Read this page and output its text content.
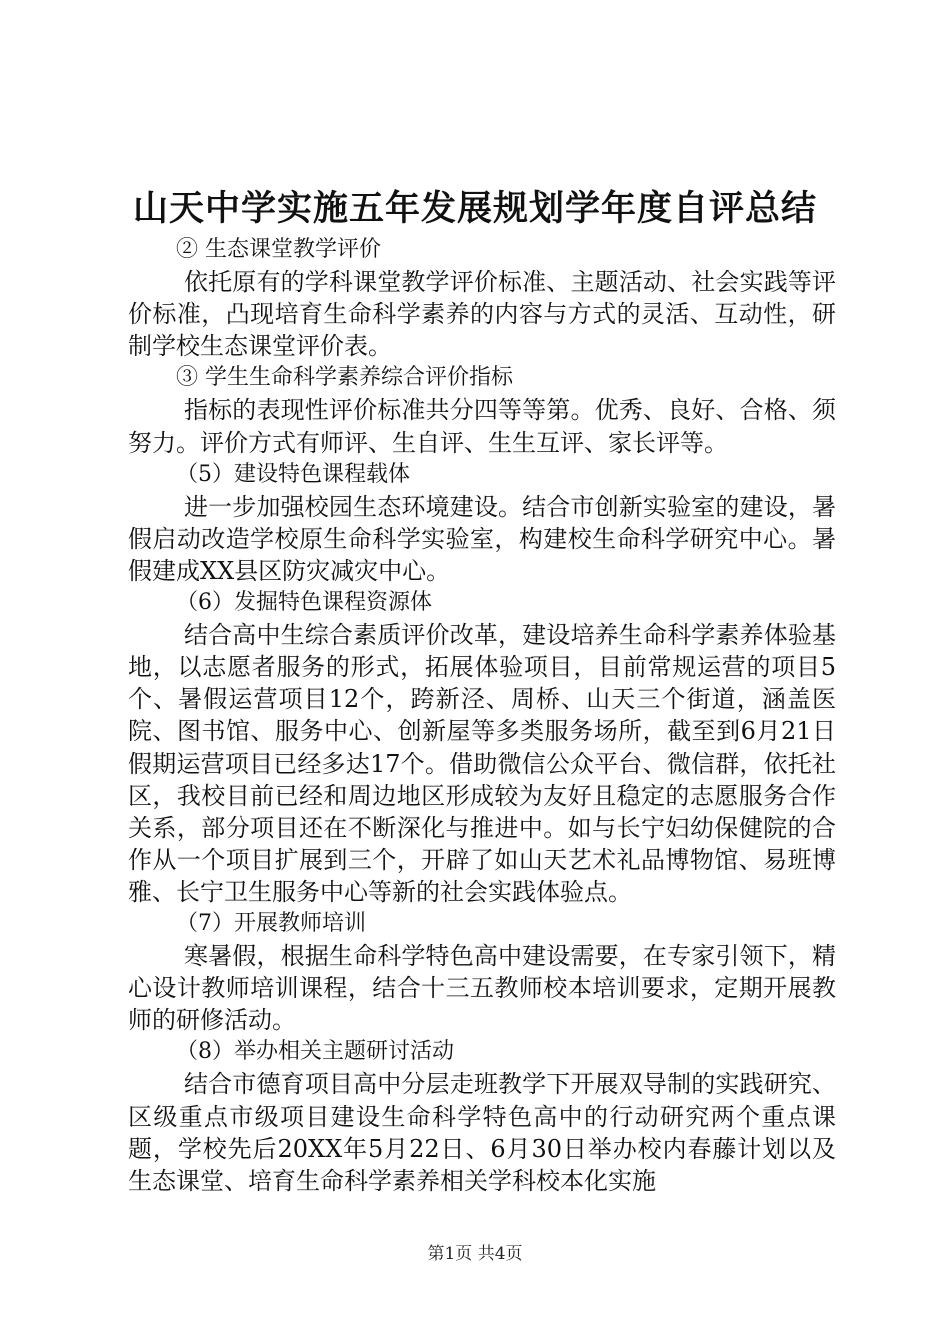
山天中学实施五年发展规划学年度自评总结

② 生态课堂教学评价

依托原有的学科课堂教学评价标准、主题活动、社会实践等评价标准，凸现培育生命科学素养的内容与方式的灵活、互动性，研制学校生态课堂评价表。

③ 学生生命科学素养综合评价指标

指标的表现性评价标准共分四等等第。优秀、良好、合格、须努力。评价方式有师评、生自评、生生互评、家长评等。

（5）建设特色课程载体

进一步加强校园生态环境建设。结合市创新实验室的建设，暑假启动改造学校原生命科学实验室，构建校生命科学研究中心。暑假建成XX县区防灾减灾中心。

（6）发掘特色课程资源体

结合高中生综合素质评价改革，建设培养生命科学素养体验基地，以志愿者服务的形式，拓展体验项目，目前常规运营的项目5个、暑假运营项目12个，跨新泾、周桥、山天三个街道，涵盖医院、图书馆、服务中心、创新屋等多类服务场所，截至到6月21日假期运营项目已经多达17个。借助微信公众平台、微信群，依托社区，我校目前已经和周边地区形成较为友好且稳定的志愿服务合作关系，部分项目还在不断深化与推进中。如与长宁妇幼保健院的合作从一个项目扩展到三个，开辟了如山天艺术礼品博物馆、易班博雅、长宁卫生服务中心等新的社会实践体验点。

（7）开展教师培训

寒暑假，根据生命科学特色高中建设需要，在专家引领下，精心设计教师培训课程，结合十三五教师校本培训要求，定期开展教师的研修活动。

（8）举办相关主题研讨活动

结合市德育项目高中分层走班教学下开展双导制的实践研究、区级重点市级项目建设生命科学特色高中的行动研究两个重点课题，学校先后20XX年5月22日、6月30日举办校内春藤计划以及生态课堂、培育生命科学素养相关学科校本化实施

第1页 共4页
